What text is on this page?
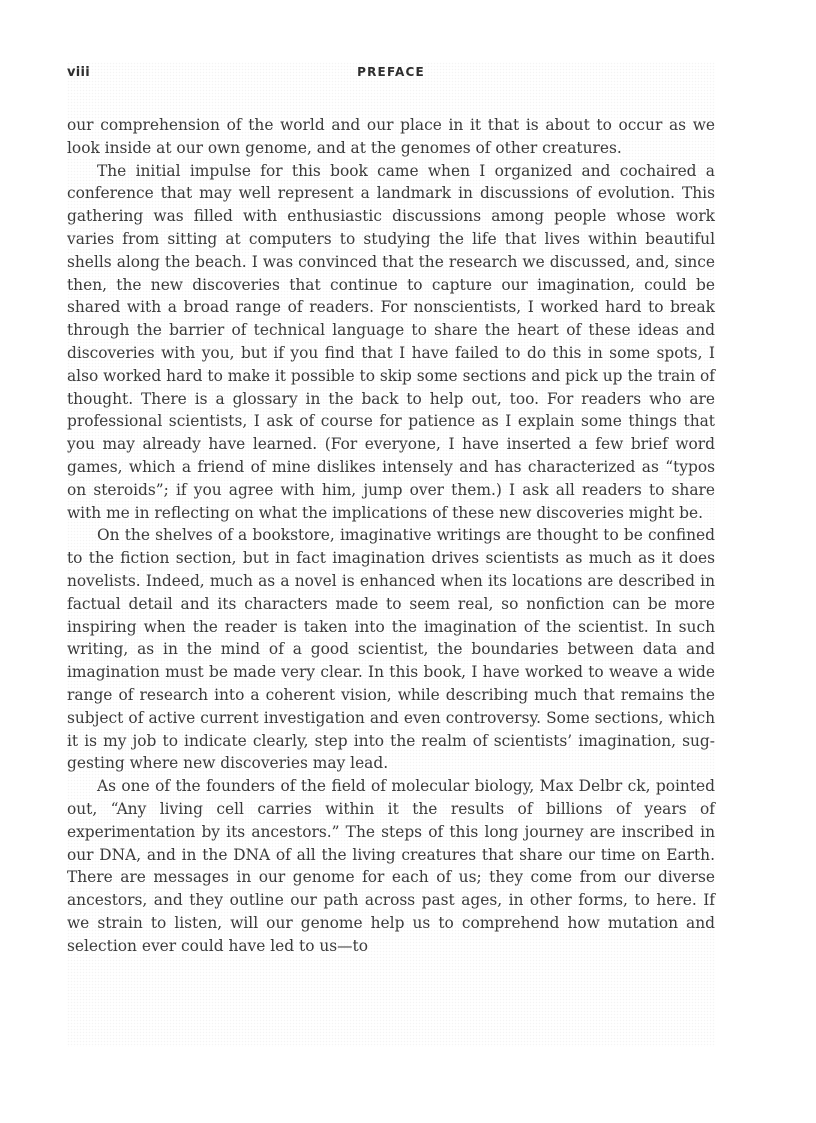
viii	PREFACE

our comprehension of the world and our place in it that is about to occur as we look inside at our own genome, and at the genomes of other creatures.

The initial impulse for this book came when I organized and cochaired a conference that may well represent a landmark in discussions of evolution. This gathering was filled with enthusiastic discussions among people whose work varies from sitting at computers to studying the life that lives within beautiful shells along the beach. I was convinced that the research we discussed, and, since then, the new discoveries that continue to capture our imagination, could be shared with a broad range of readers. For nonscientists, I worked hard to break through the barrier of technical language to share the heart of these ideas and discoveries with you, but if you find that I have failed to do this in some spots, I also worked hard to make it possible to skip some sections and pick up the train of thought. There is a glossary in the back to help out, too. For readers who are professional scientists, I ask of course for patience as I explain some things that you may already have learned. (For everyone, I have inserted a few brief word games, which a friend of mine dislikes intensely and has characterized as “typos on steroids”; if you agree with him, jump over them.) I ask all readers to share with me in reflecting on what the implications of these new discoveries might be.

On the shelves of a bookstore, imaginative writings are thought to be confined to the fiction section, but in fact imagination drives scientists as much as it does novelists. Indeed, much as a novel is enhanced when its locations are described in factual detail and its characters made to seem real, so nonfiction can be more inspiring when the reader is taken into the imagination of the scientist. In such writing, as in the mind of a good scientist, the boundaries between data and imagination must be made very clear. In this book, I have worked to weave a wide range of research into a coherent vision, while describing much that remains the subject of active current investigation and even controversy. Some sections, which it is my job to indicate clearly, step into the realm of scientists’ imagination, suggesting where new discoveries may lead.

As one of the founders of the field of molecular biology, Max Delbr ck, pointed out, “Any living cell carries within it the results of billions of years of experimentation by its ancestors.” The steps of this long journey are inscribed in our DNA, and in the DNA of all the living creatures that share our time on Earth. There are messages in our genome for each of us; they come from our diverse ancestors, and they outline our path across past ages, in other forms, to here. If we strain to listen, will our genome help us to comprehend how mutation and selection ever could have led to us—to
